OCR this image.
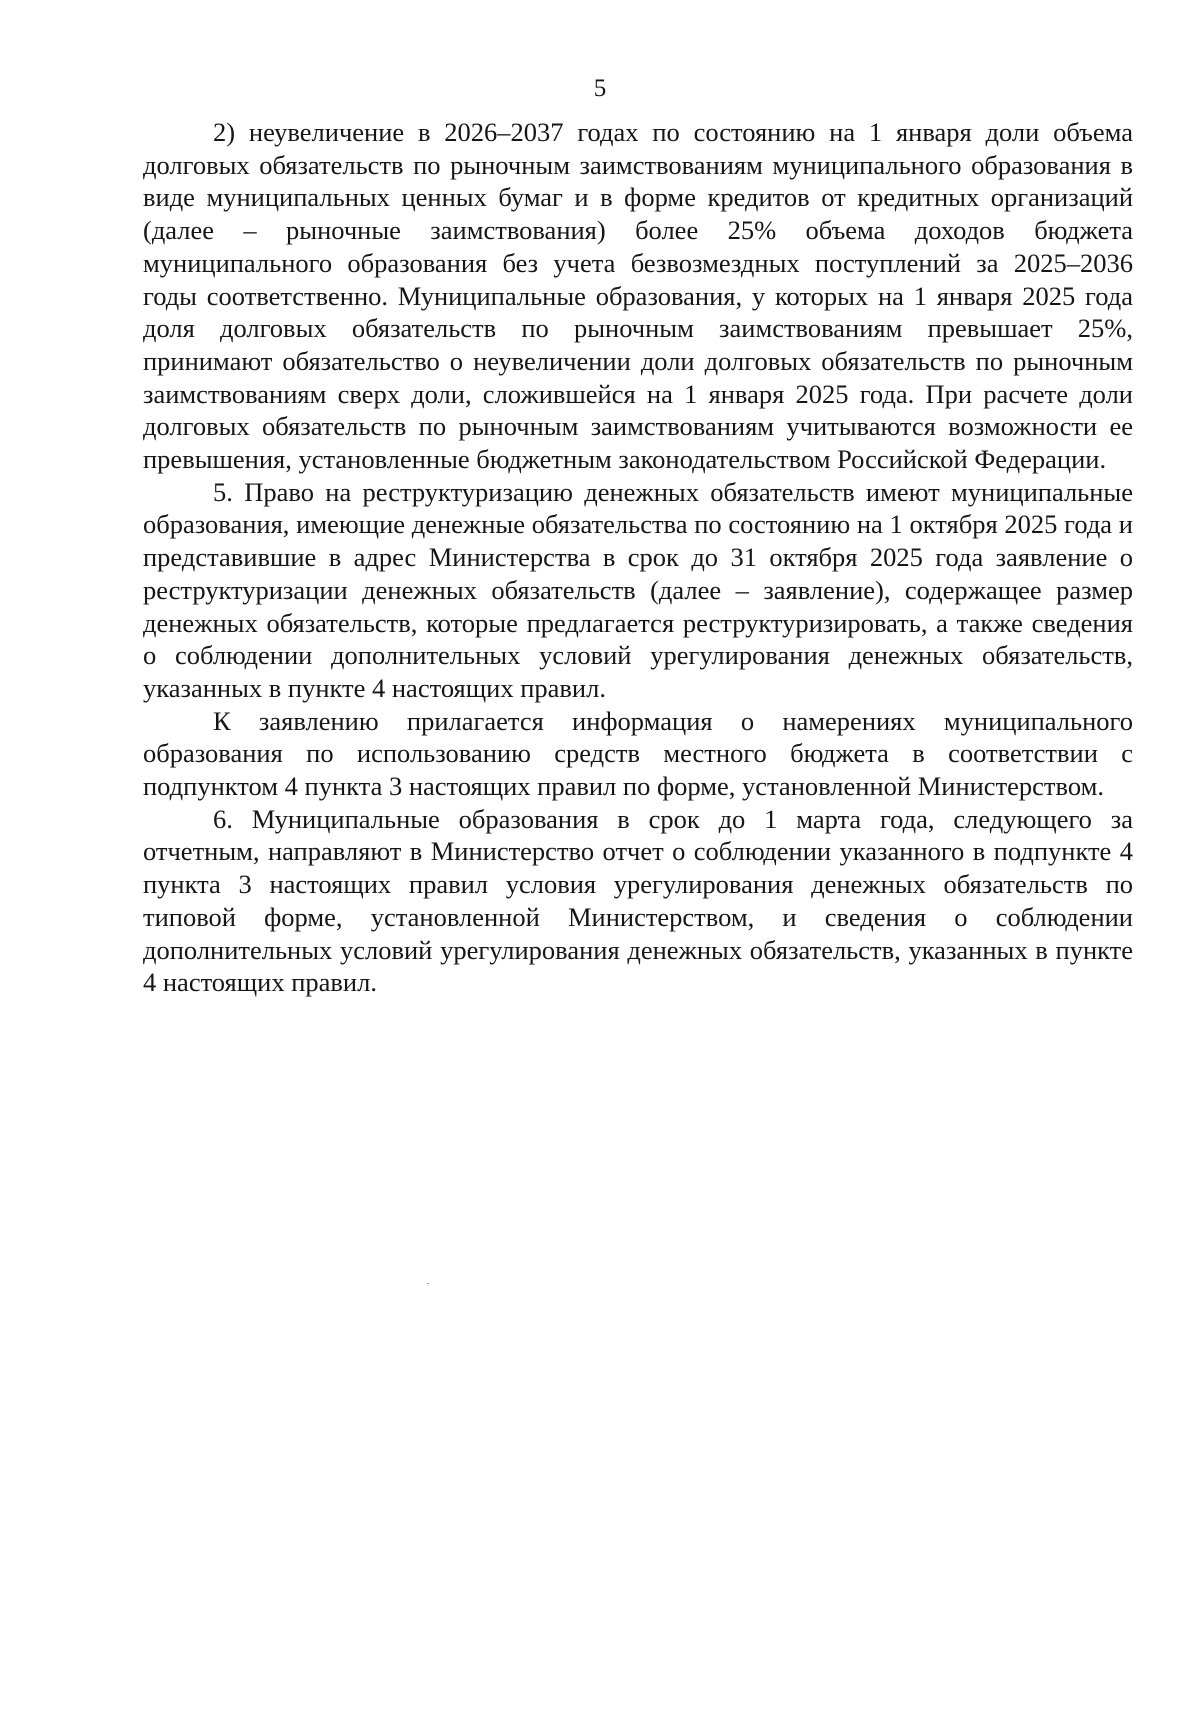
5

2) неувеличение в 2026–2037 годах по состоянию на 1 января доли объема долговых обязательств по рыночным заимствованиям муниципального образования в виде муниципальных ценных бумаг и в форме кредитов от кредитных организаций (далее – рыночные заимствования) более 25% объема доходов бюджета муниципального образования без учета безвозмездных поступлений за 2025–2036 годы соответственно. Муниципальные образования, у которых на 1 января 2025 года доля долговых обязательств по рыночным заимствованиям превышает 25%, принимают обязательство о неувеличении доли долговых обязательств по рыночным заимствованиям сверх доли, сложившейся на 1 января 2025 года. При расчете доли долговых обязательств по рыночным заимствованиям учитываются возможности ее превышения, установленные бюджетным законодательством Российской Федерации.

5. Право на реструктуризацию денежных обязательств имеют муниципальные образования, имеющие денежные обязательства по состоянию на 1 октября 2025 года и представившие в адрес Министерства в срок до 31 октября 2025 года заявление о реструктуризации денежных обязательств (далее – заявление), содержащее размер денежных обязательств, которые предлагается реструктуризировать, а также сведения о соблюдении дополнительных условий урегулирования денежных обязательств, указанных в пункте 4 настоящих правил.

К заявлению прилагается информация о намерениях муниципального образования по использованию средств местного бюджета в соответствии с подпунктом 4 пункта 3 настоящих правил по форме, установленной Министерством.

6. Муниципальные образования в срок до 1 марта года, следующего за отчетным, направляют в Министерство отчет о соблюдении указанного в подпункте 4 пункта 3 настоящих правил условия урегулирования денежных обязательств по типовой форме, установленной Министерством, и сведения о соблюдении дополнительных условий урегулирования денежных обязательств, указанных в пункте 4 настоящих правил.
